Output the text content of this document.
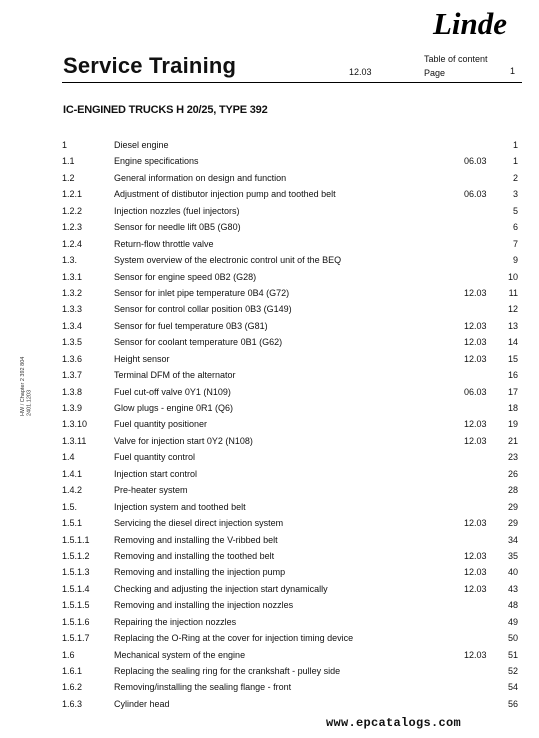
Linde
Service Training	12.03
Table of content
Page	1
IC-ENGINED TRUCKS H 20/25, TYPE 392
HW / Chapter 2 392 804 2401.1203
1	Diesel engine	1
1.1	Engine specifications	06.03	1
1.2	General information on design and function	2
1.2.1	Adjustment of distibutor injection pump and toothed belt	06.03	3
1.2.2	Injection nozzles (fuel injectors)	5
1.2.3	Sensor for needle lift 0B5 (G80)	6
1.2.4	Return-flow throttle valve	7
1.3.	System overview of the electronic control unit of the BEQ	9
1.3.1	Sensor for engine speed 0B2 (G28)	10
1.3.2	Sensor for inlet pipe temperature 0B4 (G72)	12.03 11
1.3.3	Sensor for control collar position 0B3 (G149)	12
1.3.4	Sensor for fuel temperature 0B3 (G81)	12.03 13
1.3.5	Sensor for coolant temperature 0B1 (G62)	12.03 14
1.3.6	Height sensor	12.03 15
1.3.7	Terminal DFM of the alternator	16
1.3.8	Fuel cut-off valve 0Y1 (N109)	06.03 17
1.3.9	Glow plugs - engine 0R1 (Q6)	18
1.3.10	Fuel quantity positioner	12.03 19
1.3.11	Valve for injection start 0Y2 (N108)	12.03 21
1.4	Fuel quantity control	23
1.4.1	Injection start control	26
1.4.2	Pre-heater system	28
1.5.	Injection system and toothed belt	29
1.5.1	Servicing the diesel direct injection system	12.03 29
1.5.1.1	Removing and installing the V-ribbed belt	34
1.5.1.2	Removing and installing the toothed belt	12.03 35
1.5.1.3	Removing and installing the injection pump	12.03 40
1.5.1.4	Checking and adjusting the injection start dynamically	12.03 43
1.5.1.5	Removing and installing the injection nozzles	48
1.5.1.6	Repairing the injection nozzles	49
1.5.1.7	Replacing the O-Ring at the cover for injection timing device	50
1.6	Mechanical system of the engine	12.03 51
1.6.1	Replacing the sealing ring for the crankshaft - pulley side	52
1.6.2	Removing/installing the sealing flange - front	54
1.6.3	Cylinder head	56
www.epcatalogs.com
